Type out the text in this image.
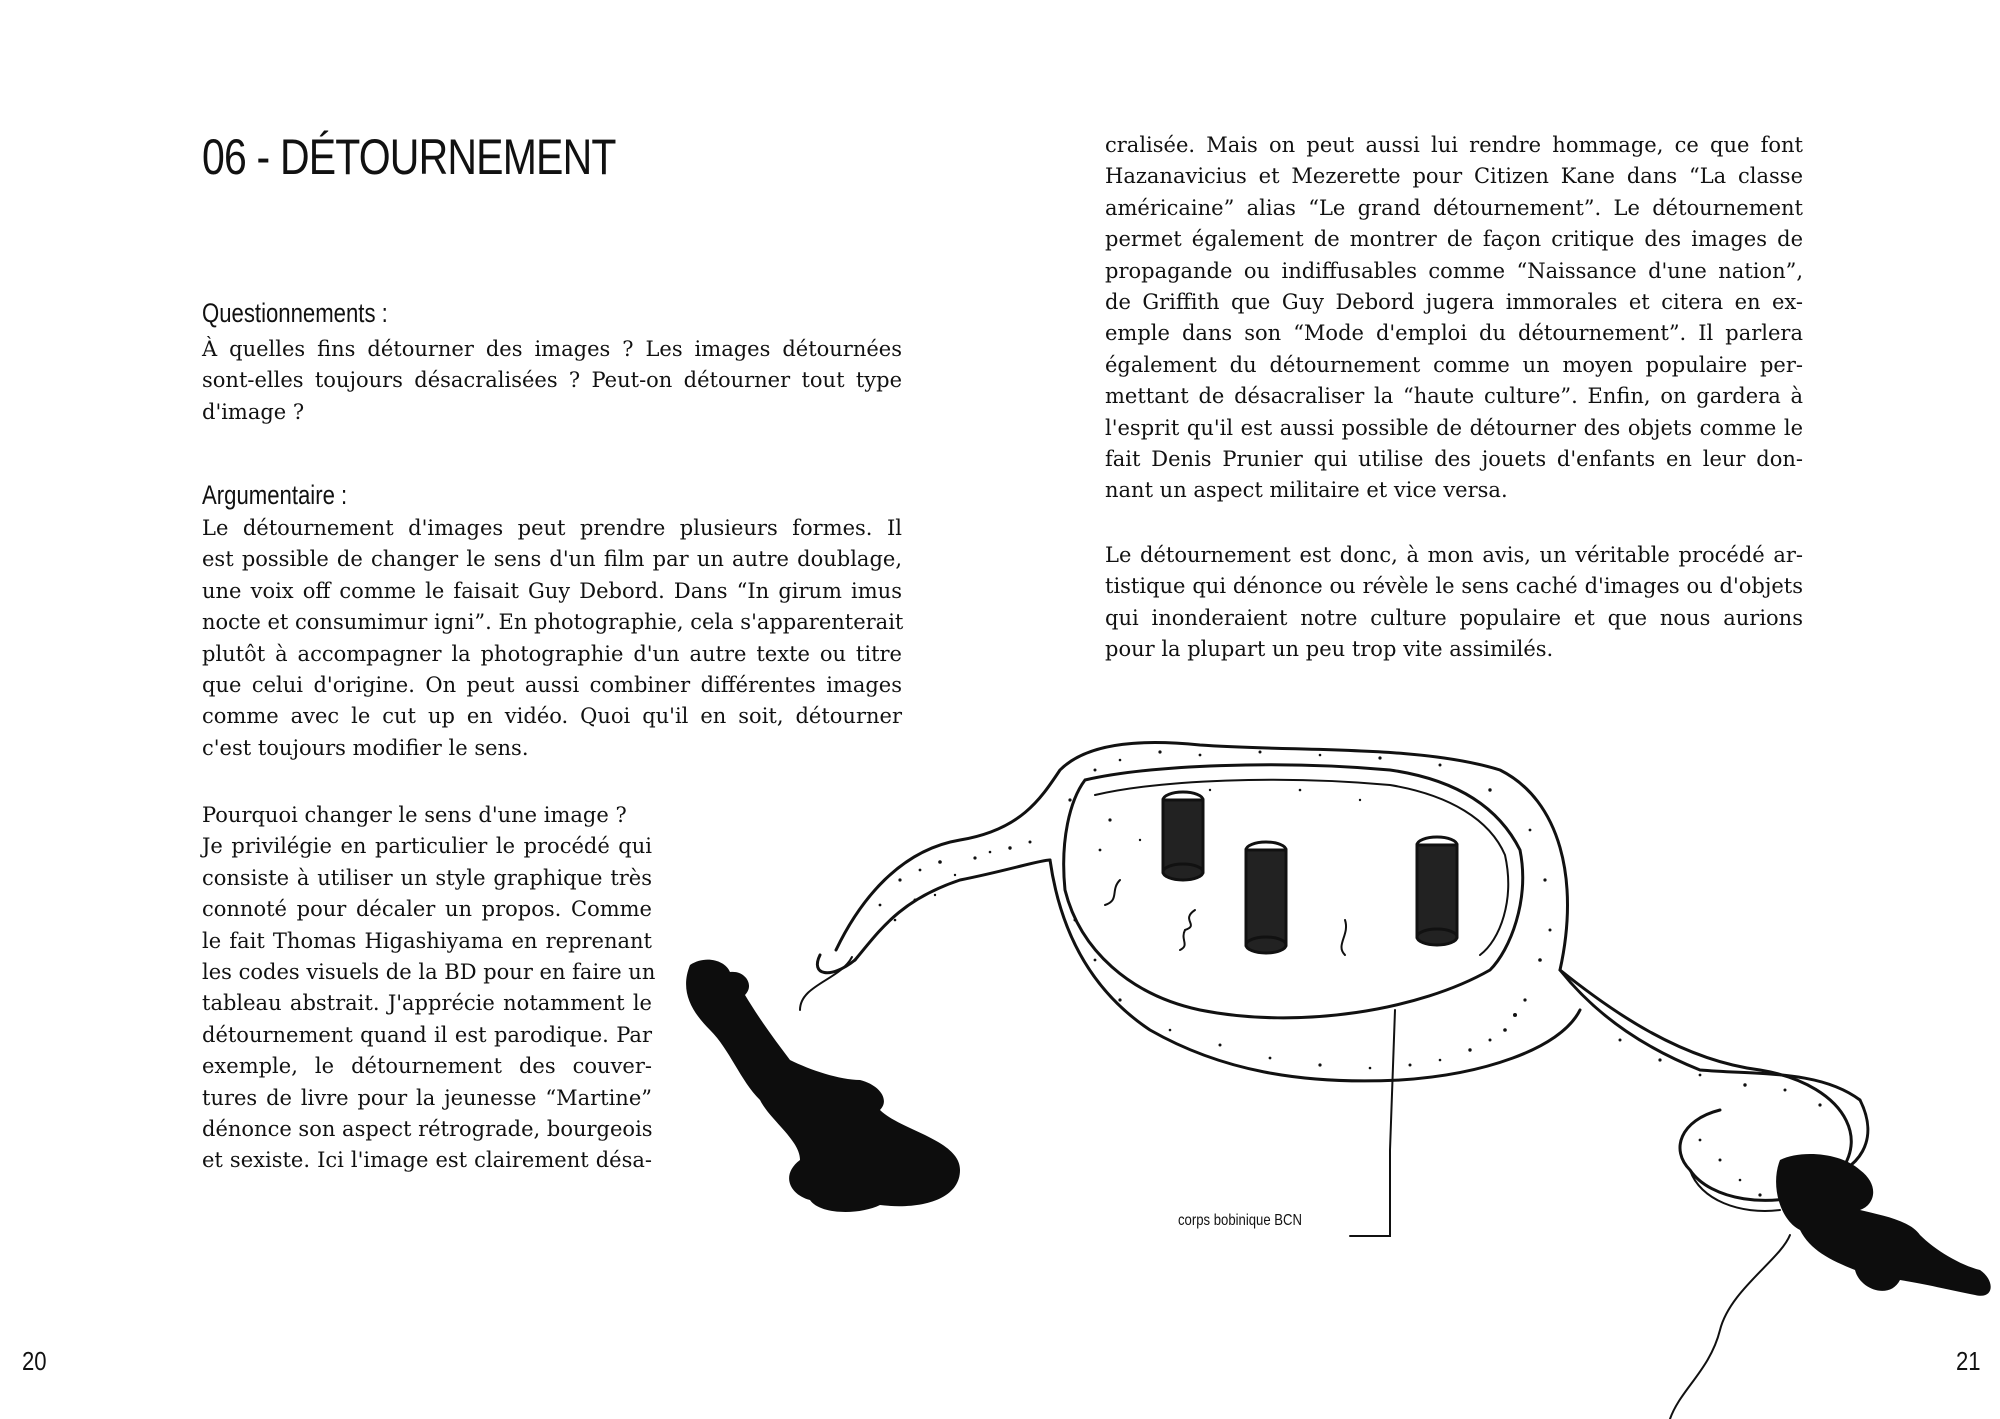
06 - DÉTOURNEMENT
Questionnements :
À quelles fins détourner des images ? Les images détournées
sont-elles toujours désacralisées ? Peut-on détourner tout type
d'image ?
Argumentaire :
Le détournement d'images peut prendre plusieurs formes. Il
est possible de changer le sens d'un film par un autre doublage,
une voix off comme le faisait Guy Debord. Dans “In girum imus
nocte et consumimur igni”. En photographie, cela s'apparenterait
plutôt à accompagner la photographie d'un autre texte ou titre
que celui d'origine. On peut aussi combiner différentes images
comme avec le cut up en vidéo. Quoi qu'il en soit, détourner
c'est toujours modifier le sens.
Pourquoi changer le sens d'une image ?
Je privilégie en particulier le procédé qui
consiste à utiliser un style graphique très
connoté pour décaler un propos. Comme
le fait Thomas Higashiyama en reprenant
les codes visuels de la BD pour en faire un
tableau abstrait. J'apprécie notamment le
détournement quand il est parodique. Par
exemple, le détournement des couver-
tures de livre pour la jeunesse “Martine”
dénonce son aspect rétrograde, bourgeois
et sexiste. Ici l'image est clairement désa-
cralisée. Mais on peut aussi lui rendre hommage, ce que font
Hazanavicius et Mezerette pour Citizen Kane dans “La classe
américaine” alias “Le grand détournement”. Le détournement
permet également de montrer de façon critique des images de
propagande ou indiffusables comme “Naissance d'une nation”,
de Griffith que Guy Debord jugera immorales et citera en ex-
emple dans son “Mode d'emploi du détournement”. Il parlera
également du détournement comme un moyen populaire per-
mettant de désacraliser la “haute culture”. Enfin, on gardera à
l'esprit qu'il est aussi possible de détourner des objets comme le
fait Denis Prunier qui utilise des jouets d'enfants en leur don-
nant un aspect militaire et vice versa.
Le détournement est donc, à mon avis, un véritable procédé ar-
tistique qui dénonce ou révèle le sens caché d'images ou d'objets
qui inonderaient notre culture populaire et que nous aurions
pour la plupart un peu trop vite assimilés.
corps bobinique BCN
20	21
